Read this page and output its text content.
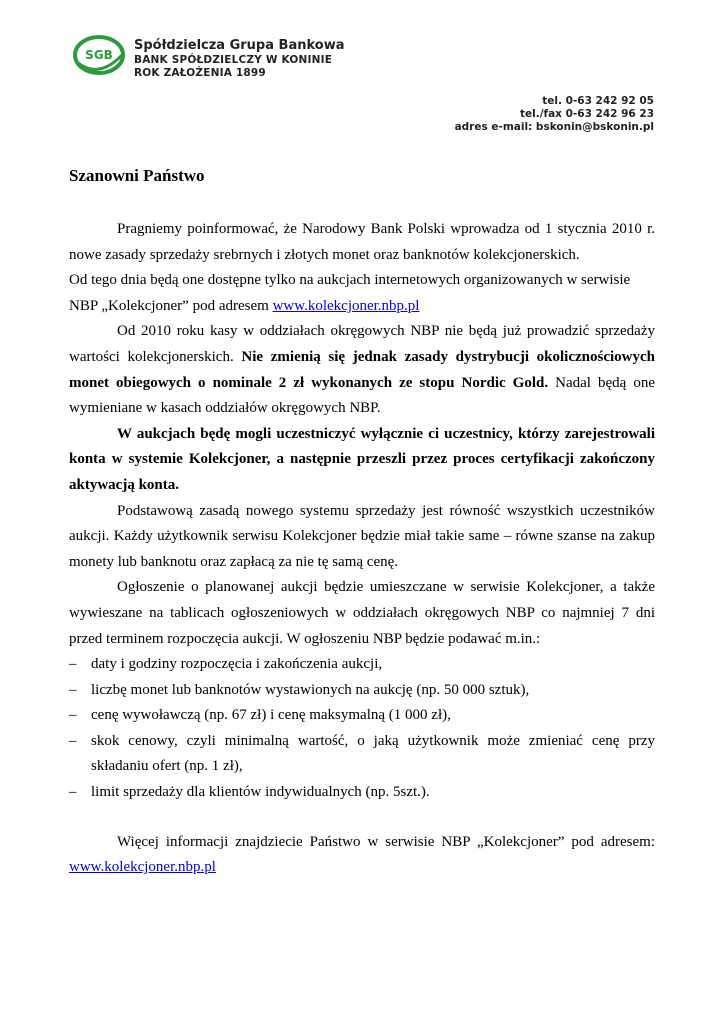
SGB
Spółdzielcza Grupa Bankowa
BANK SPÓŁDZIELCZY W KONINIE
ROK ZAŁOŻENIA 1899
tel. 0-63 242 92 05
tel./fax 0-63 242 96 23
adres e-mail: bskonin@bskonin.pl
Szanowni Państwo

Pragniemy poinformować, że Narodowy Bank Polski wprowadza od 1 stycznia 2010 r. nowe zasady sprzedaży srebrnych i złotych monet oraz banknotów kolekcjonerskich.

Od tego dnia będą one dostępne tylko na aukcjach internetowych organizowanych w serwisie NBP „Kolekcjoner” pod adresem www.kolekcjoner.nbp.pl

Od 2010 roku kasy w oddziałach okręgowych NBP nie będą już prowadzić sprzedaży wartości kolekcjonerskich. Nie zmienią się jednak zasady dystrybucji okolicznościowych monet obiegowych o nominale 2 zł wykonanych ze stopu Nordic Gold. Nadal będą one wymieniane w kasach oddziałów okręgowych NBP.

W aukcjach będę mogli uczestniczyć wyłącznie ci uczestnicy, którzy zarejestrowali konta w systemie Kolekcjoner, a następnie przeszli przez proces certyfikacji zakończony aktywacją konta.

Podstawową zasadą nowego systemu sprzedaży jest równość wszystkich uczestników aukcji. Każdy użytkownik serwisu Kolekcjoner będzie miał takie same – równe szanse na zakup monety lub banknotu oraz zapłacą za nie tę samą cenę.

Ogłoszenie o planowanej aukcji będzie umieszczane w serwisie Kolekcjoner, a także wywieszane na tablicach ogłoszeniowych w oddziałach okręgowych NBP co najmniej 7 dni przed terminem rozpoczęcia aukcji. W ogłoszeniu NBP będzie podawać m.in.:

– daty i godziny rozpoczęcia i zakończenia aukcji,
– liczbę monet lub banknotów wystawionych na aukcję (np. 50 000 sztuk),
– cenę wywoławczą (np. 67 zł) i cenę maksymalną (1 000 zł),
– skok cenowy, czyli minimalną wartość, o jaką użytkownik może zmieniać cenę przy składaniu ofert (np. 1 zł),
– limit sprzedaży dla klientów indywidualnych (np. 5szt.).

Więcej informacji znajdziecie Państwo w serwisie NBP „Kolekcjoner” pod adresem: www.kolekcjoner.nbp.pl
